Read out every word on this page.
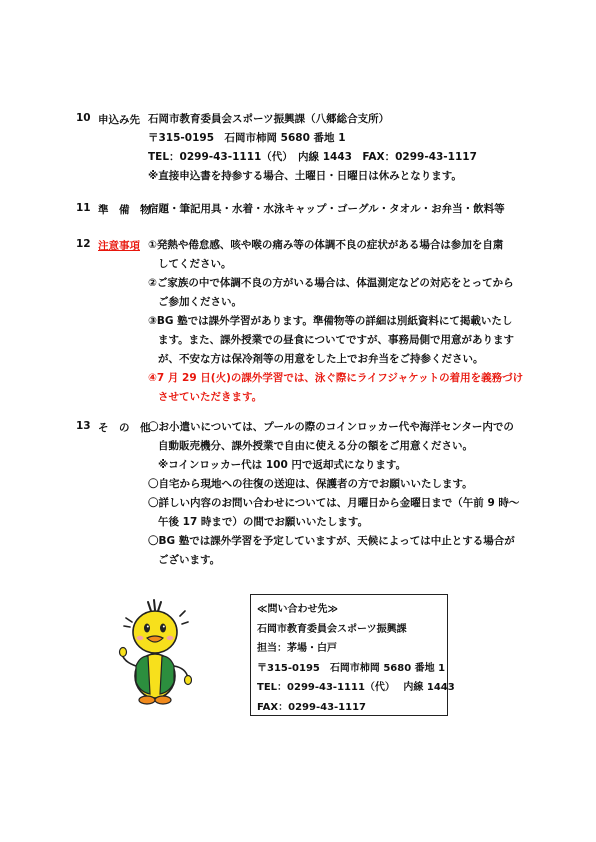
10 申込み先 石岡市教育委員会スポーツ振興課（八郷総合支所）
〒315-0195　石岡市柿岡 5680 番地 1
TEL：0299-43-1111（代）　内線 1443　FAX：0299-43-1117
※直接申込書を持参する場合、土曜日・日曜日は休みとなります。
11 準　備　物
宿題・筆記用具・水着・水泳キャップ・ゴーグル・タオル・お弁当・飲料等
12 注意事項 ①発熱や倦怠感、咳や喉の痛み等の体調不良の症状がある場合は参加を自粛
してください。
②ご家族の中で体調不良の方がいる場合は、体温測定などの対応をとってから
ご参加ください。
③BG 塾では課外学習があります。準備物等の詳細は別紙資料にて掲載いたし
ます。また、課外授業での昼食についてですが、事務局側で用意があります
が、不安な方は保冷剤等の用意をした上でお弁当をご持参ください。
④7 月 29 日(火)の課外学習では、泳ぐ際にライフジャケットの着用を義務づけ
させていただきます。
13 そ　の　他
〇お小遣いについては、プールの際のコインロッカー代や海洋センター内での
自動販売機分、課外授業で自由に使える分の額をご用意ください。
※コインロッカー代は 100 円で返却式になります。
〇自宅から現地への往復の送迎は、保護者の方でお願いいたします。
〇詳しい内容のお問い合わせについては、月曜日から金曜日まで（午前 9 時～
午後 17 時まで）の間でお願いいたします。
〇BG 塾では課外学習を予定していますが、天候によっては中止とする場合が
ございます。
≪問い合わせ先≫
石岡市教育委員会スポーツ振興課
担当：茅場・白戸
〒315-0195　石岡市柿岡 5680 番地 1
TEL：0299-43-1111（代）　 内線 1443
FAX：0299-43-1117
